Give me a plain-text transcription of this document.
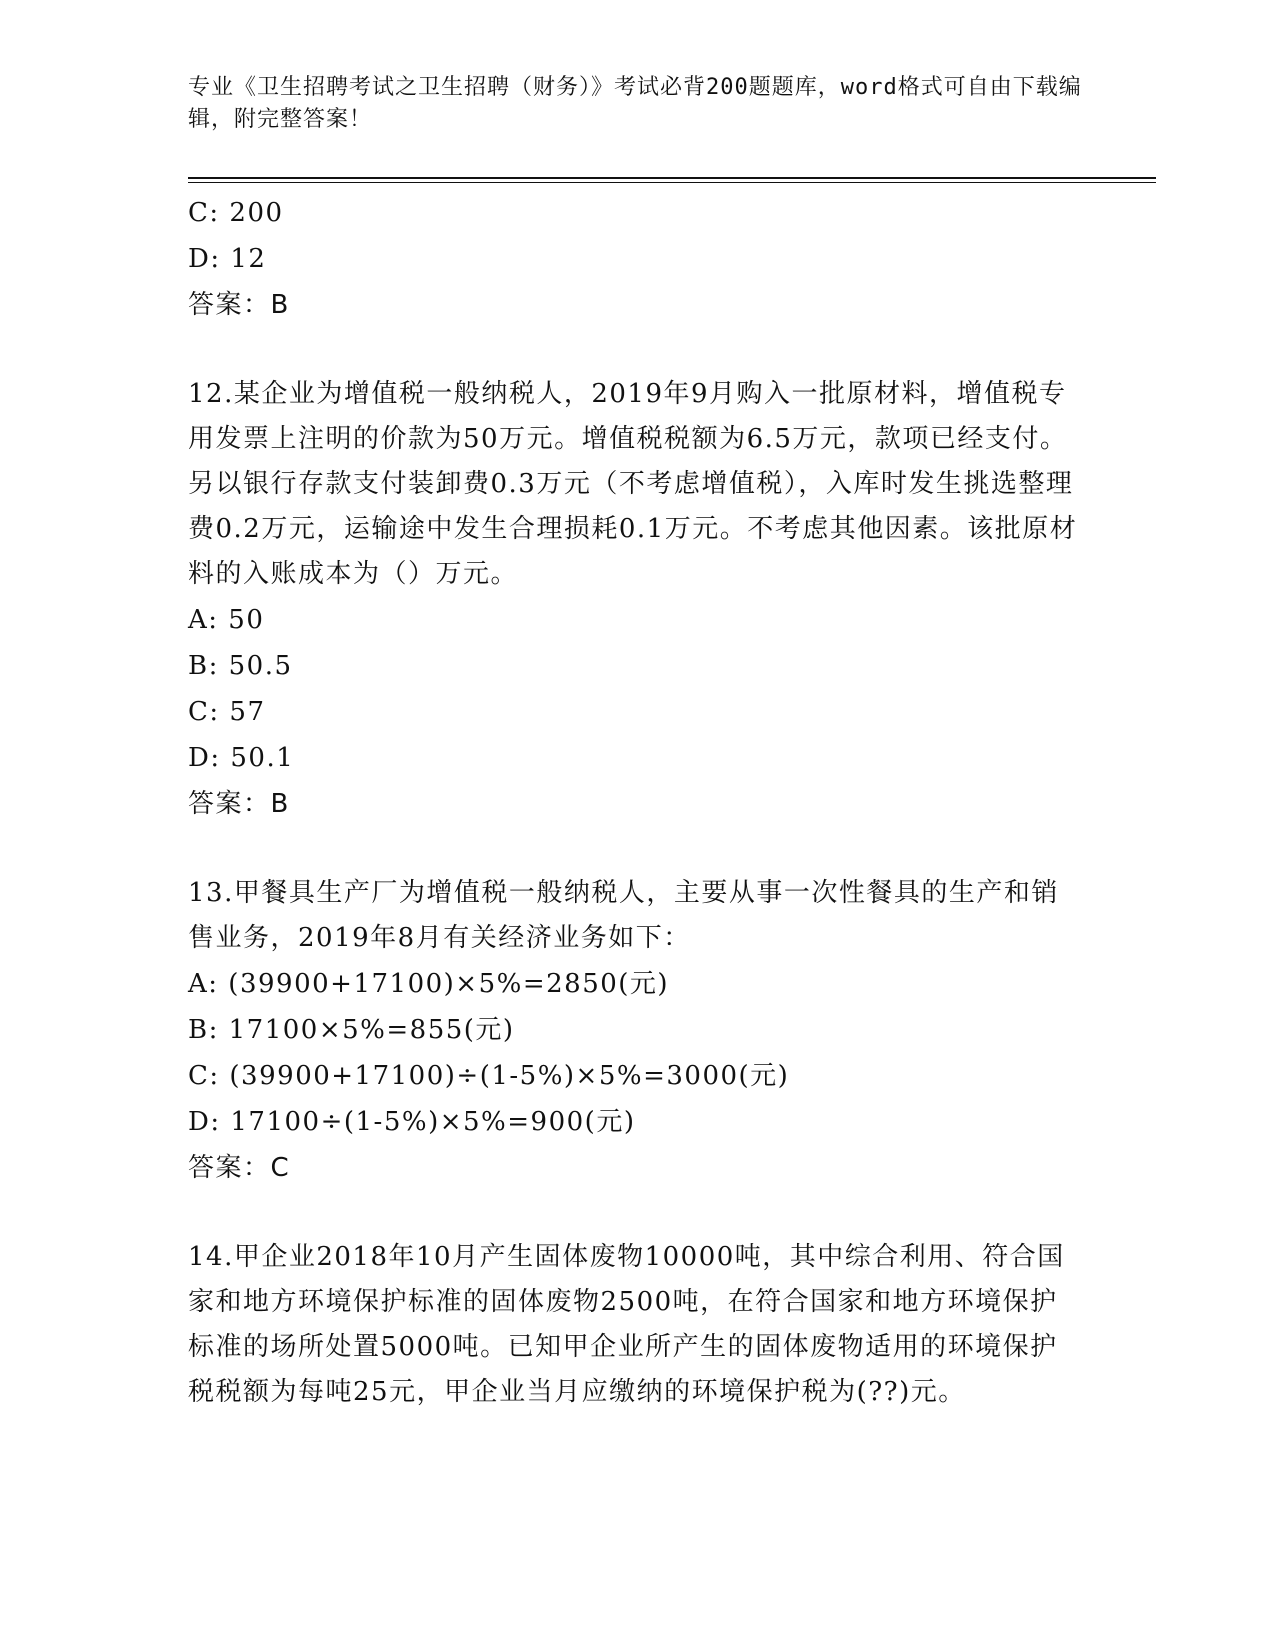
专业《卫生招聘考试之卫生招聘（财务）》考试必背200题题库，word格式可自由下载编辑，附完整答案！
C: 200
D: 12
答案：B
12.某企业为增值税一般纳税人，2019年9月购入一批原材料，增值税专用发票上注明的价款为50万元。增值税税额为6.5万元，款项已经支付。另以银行存款支付装卸费0.3万元（不考虑增值税），入库时发生挑选整理费0.2万元，运输途中发生合理损耗0.1万元。不考虑其他因素。该批原材料的入账成本为（）万元。
A: 50
B: 50.5
C: 57
D: 50.1
答案：B
13.甲餐具生产厂为增值税一般纳税人，主要从事一次性餐具的生产和销售业务，2019年8月有关经济业务如下：
A: (39900+17100)×5%=2850(元)
B: 17100×5%=855(元)
C: (39900+17100)÷(1-5%)×5%=3000(元)
D: 17100÷(1-5%)×5%=900(元)
答案：C
14.甲企业2018年10月产生固体废物10000吨，其中综合利用、符合国家和地方环境保护标准的固体废物2500吨，在符合国家和地方环境保护标准的场所处置5000吨。已知甲企业所产生的固体废物适用的环境保护税税额为每吨25元，甲企业当月应缴纳的环境保护税为(??)元。
